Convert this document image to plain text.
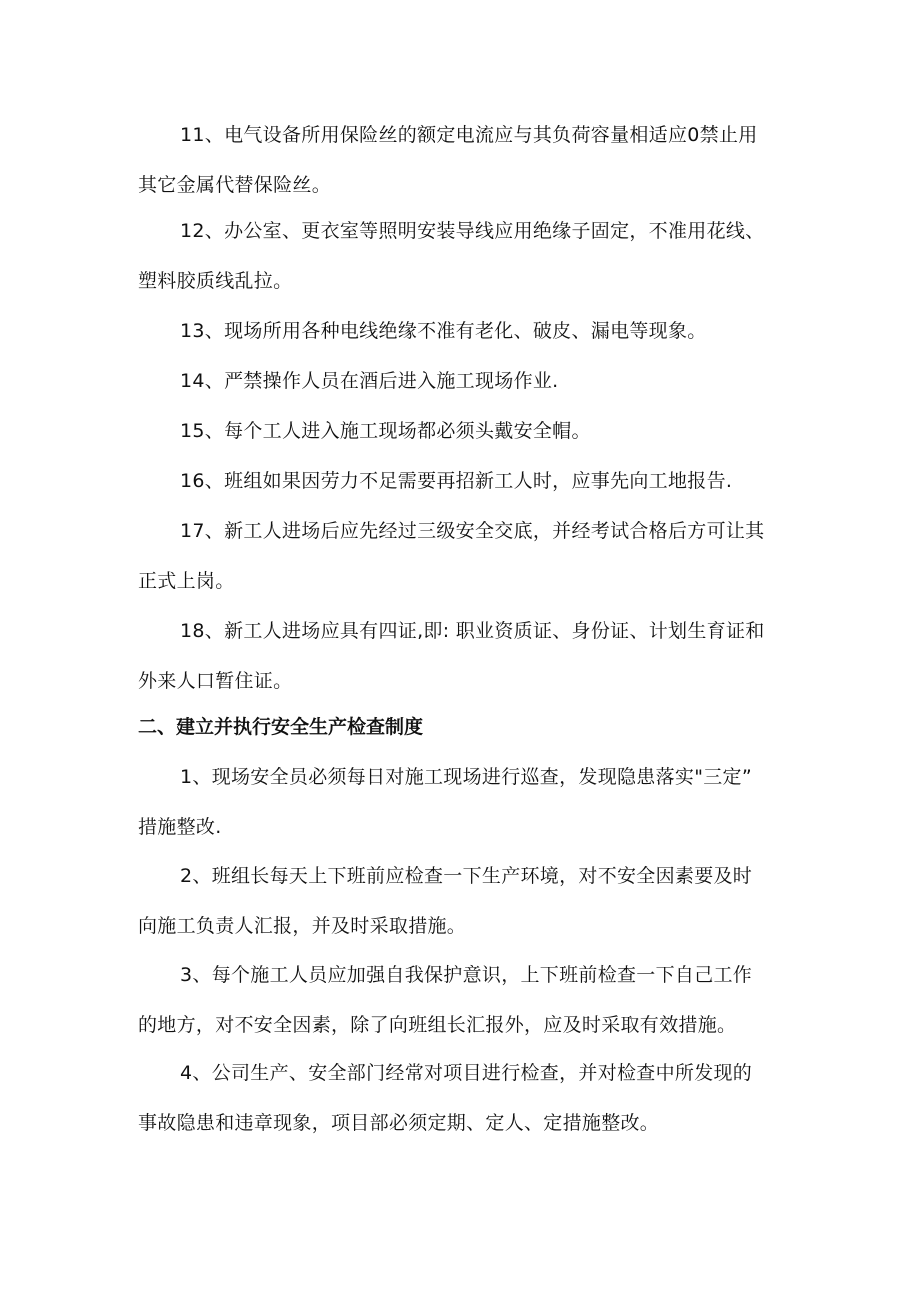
11、电气设备所用保险丝的额定电流应与其负荷容量相适应0禁止用
其它金属代替保险丝。
12、办公室、更衣室等照明安装导线应用绝缘子固定，不准用花线、
塑料胶质线乱拉。
13、现场所用各种电线绝缘不准有老化、破皮、漏电等现象。
14、严禁操作人员在酒后进入施工现场作业.
15、每个工人进入施工现场都必须头戴安全帽。
16、班组如果因劳力不足需要再招新工人时，应事先向工地报告.
17、新工人进场后应先经过三级安全交底，并经考试合格后方可让其
正式上岗。
18、新工人进场应具有四证,即: 职业资质证、身份证、计划生育证和
外来人口暂住证。
二、建立并执行安全生产检查制度
1、现场安全员必须每日对施工现场进行巡查，发现隐患落实"三定”
措施整改.
2、班组长每天上下班前应检查一下生产环境，对不安全因素要及时
向施工负责人汇报，并及时采取措施。
3、每个施工人员应加强自我保护意识，上下班前检查一下自己工作
的地方，对不安全因素，除了向班组长汇报外，应及时采取有效措施。
4、公司生产、安全部门经常对项目进行检查，并对检查中所发现的
事故隐患和违章现象，项目部必须定期、定人、定措施整改。
